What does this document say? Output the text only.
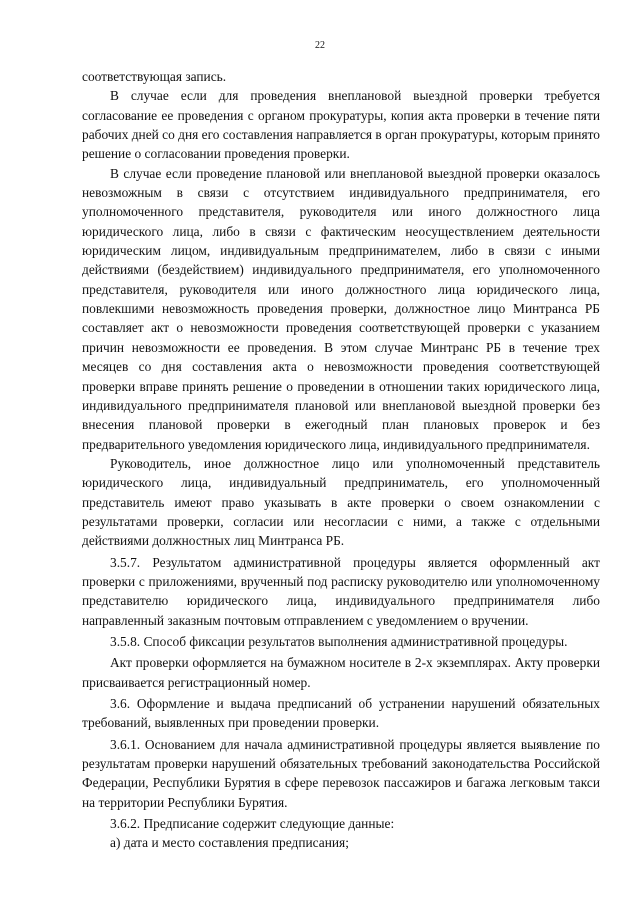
22

соответствующая запись.

В случае если для проведения внеплановой выездной проверки требуется согласование ее проведения с органом прокуратуры, копия акта проверки в течение пяти рабочих дней со дня его составления направляется в орган прокуратуры, которым принято решение о согласовании проведения проверки.

В случае если проведение плановой или внеплановой выездной проверки оказалось невозможным в связи с отсутствием индивидуального предпринимателя, его уполномоченного представителя, руководителя или иного должностного лица юридического лица, либо в связи с фактическим неосуществлением деятельности юридическим лицом, индивидуальным предпринимателем, либо в связи с иными действиями (бездействием) индивидуального предпринимателя, его уполномоченного представителя, руководителя или иного должностного лица юридического лица, повлекшими невозможность проведения проверки, должностное лицо Минтранса РБ составляет акт о невозможности проведения соответствующей проверки с указанием причин невозможности ее проведения. В этом случае Минтранс РБ в течение трех месяцев со дня составления акта о невозможности проведения соответствующей проверки вправе принять решение о проведении в отношении таких юридического лица, индивидуального предпринимателя плановой или внеплановой выездной проверки без внесения плановой проверки в ежегодный план плановых проверок и без предварительного уведомления юридического лица, индивидуального предпринимателя.

Руководитель, иное должностное лицо или уполномоченный представитель юридического лица, индивидуальный предприниматель, его уполномоченный представитель имеют право указывать в акте проверки о своем ознакомлении с результатами проверки, согласии или несогласии с ними, а также с отдельными действиями должностных лиц Минтранса РБ.

3.5.7. Результатом административной процедуры является оформленный акт проверки с приложениями, врученный под расписку руководителю или уполномоченному представителю юридического лица, индивидуального предпринимателя либо направленный заказным почтовым отправлением с уведомлением о вручении.

3.5.8. Способ фиксации результатов выполнения административной процедуры.

Акт проверки оформляется на бумажном носителе в 2-х экземплярах. Акту проверки присваивается регистрационный номер.

3.6. Оформление и выдача предписаний об устранении нарушений обязательных требований, выявленных при проведении проверки.

3.6.1. Основанием для начала административной процедуры является выявление по результатам проверки нарушений обязательных требований законодательства Российской Федерации, Республики Бурятия в сфере перевозок пассажиров и багажа легковым такси на территории Республики Бурятия.

3.6.2. Предписание содержит следующие данные:

а) дата и место составления предписания;
